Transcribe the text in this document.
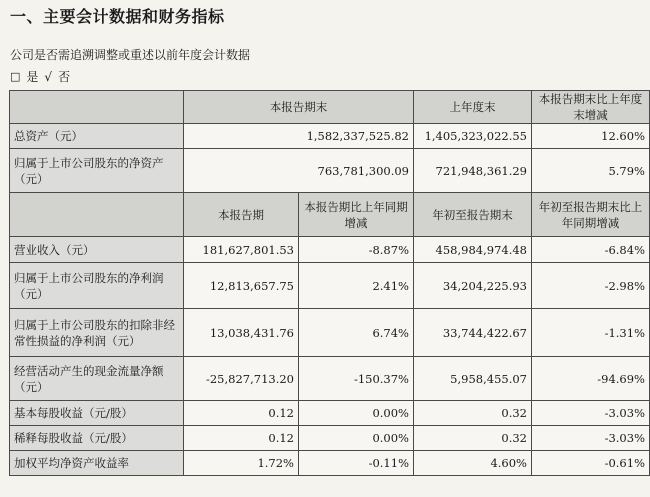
一、主要会计数据和财务指标
公司是否需追溯调整或重述以前年度会计数据
□ 是 √ 否
	本报告期末		上年度末	本报告期末比上年度末增减
总资产（元）	1,582,337,525.82		1,405,323,022.55	12.60%
归属于上市公司股东的净资产（元）	763,781,300.09		721,948,361.29	5.79%
	本报告期	本报告期比上年同期增减	年初至报告期末	年初至报告期末比上年同期增减
营业收入（元）	181,627,801.53	-8.87%	458,984,974.48	-6.84%
归属于上市公司股东的净利润（元）	12,813,657.75	2.41%	34,204,225.93	-2.98%
归属于上市公司股东的扣除非经常性损益的净利润（元）	13,038,431.76	6.74%	33,744,422.67	-1.31%
经营活动产生的现金流量净额（元）	-25,827,713.20	-150.37%	5,958,455.07	-94.69%
基本每股收益（元/股）	0.12	0.00%	0.32	-3.03%
稀释每股收益（元/股）	0.12	0.00%	0.32	-3.03%
加权平均净资产收益率	1.72%	-0.11%	4.60%	-0.61%
